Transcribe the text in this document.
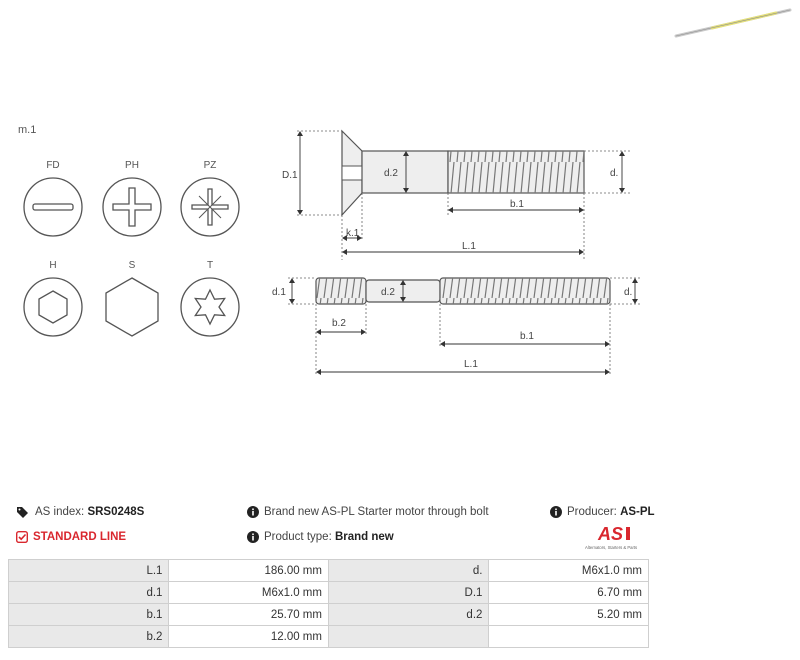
m.1
FD	PH	PZ
H	S	T
D.1	d.2	d.
b.1
k.1
L.1
d.1	d.2	d.
b.2
b.1
L.1
AS index: SRS0248S	Brand new AS-PL Starter motor through bolt	Producer: AS-PL
STANDARD LINE	Product type: Brand new	AS
Alternators, Starters & Parts
L.1	186.00 mm	d.	M6x1.0 mm
d.1	M6x1.0 mm	D.1	6.70 mm
b.1	25.70 mm	d.2	5.20 mm
b.2	12.00 mm		
